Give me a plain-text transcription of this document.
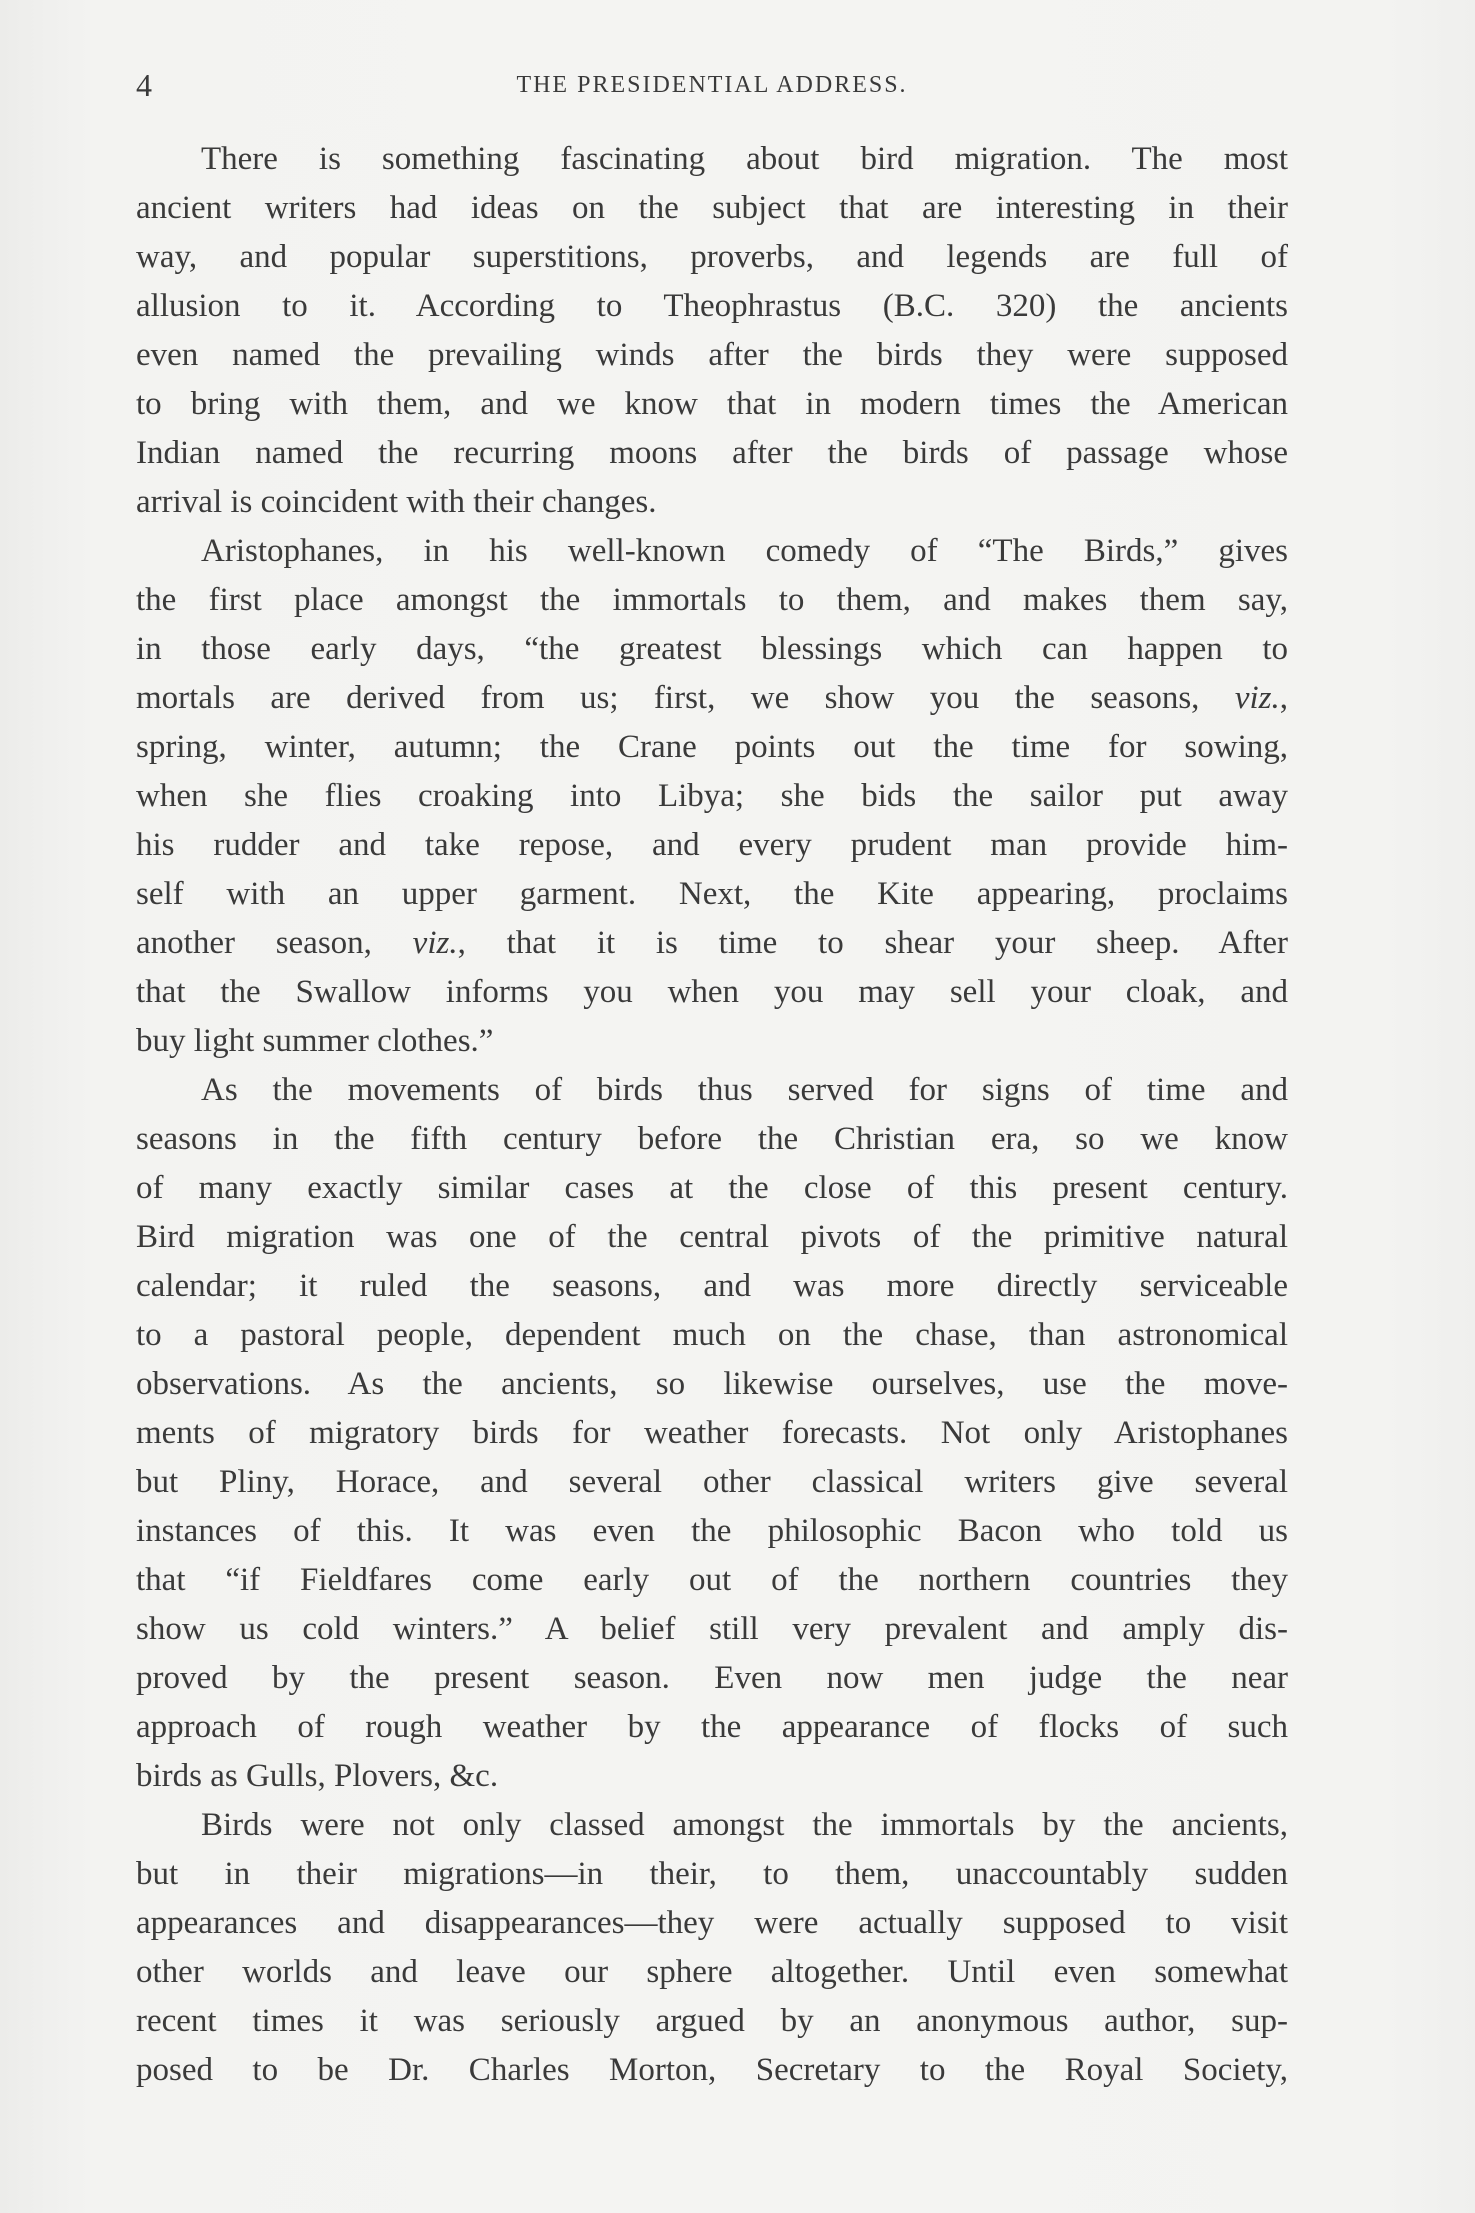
4	THE PRESIDENTIAL ADDRESS.
There is something fascinating about bird migration. The most
ancient writers had ideas on the subject that are interesting in their
way, and popular superstitions, proverbs, and legends are full of
allusion to it. According to Theophrastus (B.C. 320) the ancients
even named the prevailing winds after the birds they were supposed
to bring with them, and we know that in modern times the American
Indian named the recurring moons after the birds of passage whose
arrival is coincident with their changes.
Aristophanes, in his well-known comedy of “The Birds,” gives
the first place amongst the immortals to them, and makes them say,
in those early days, “the greatest blessings which can happen to
mortals are derived from us; first, we show you the seasons, viz.,
spring, winter, autumn; the Crane points out the time for sowing,
when she flies croaking into Libya; she bids the sailor put away
his rudder and take repose, and every prudent man provide him-
self with an upper garment. Next, the Kite appearing, proclaims
another season, viz., that it is time to shear your sheep. After
that the Swallow informs you when you may sell your cloak, and
buy light summer clothes.”
As the movements of birds thus served for signs of time and
seasons in the fifth century before the Christian era, so we know
of many exactly similar cases at the close of this present century.
Bird migration was one of the central pivots of the primitive natural
calendar; it ruled the seasons, and was more directly serviceable
to a pastoral people, dependent much on the chase, than astronomical
observations. As the ancients, so likewise ourselves, use the move-
ments of migratory birds for weather forecasts. Not only Aristophanes
but Pliny, Horace, and several other classical writers give several
instances of this. It was even the philosophic Bacon who told us
that “if Fieldfares come early out of the northern countries they
show us cold winters.” A belief still very prevalent and amply dis-
proved by the present season. Even now men judge the near
approach of rough weather by the appearance of flocks of such
birds as Gulls, Plovers, &c.
Birds were not only classed amongst the immortals by the ancients,
but in their migrations—in their, to them, unaccountably sudden
appearances and disappearances—they were actually supposed to visit
other worlds and leave our sphere altogether. Until even somewhat
recent times it was seriously argued by an anonymous author, sup-
posed to be Dr. Charles Morton, Secretary to the Royal Society,
